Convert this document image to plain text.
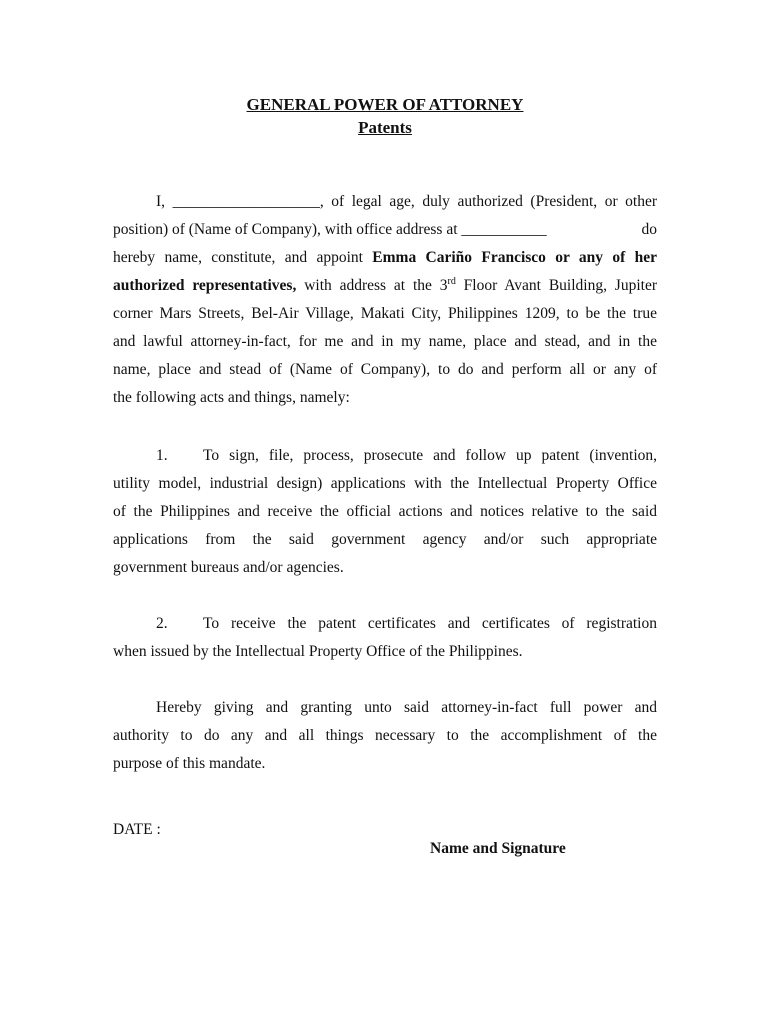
GENERAL POWER OF ATTORNEY
Patents
I, ___________________, of legal age, duly authorized (President, or other
position) of (Name of Company), with office address at ___________	do
hereby name, constitute, and appoint Emma Cariño Francisco or any of her
authorized representatives, with address at the 3rd Floor Avant Building, Jupiter
corner Mars Streets, Bel-Air Village, Makati City, Philippines 1209, to be the true
and lawful attorney-in-fact, for me and in my name, place and stead, and in the
name, place and stead of (Name of Company), to do and perform all or any of
the following acts and things, namely:
1. To sign, file, process, prosecute and follow up patent (invention,
utility model, industrial design) applications with the Intellectual Property Office
of the Philippines and receive the official actions and notices relative to the said
applications from the said government agency and/or such appropriate
government bureaus and/or agencies.
2. To receive the patent certificates and certificates of registration
when issued by the Intellectual Property Office of the Philippines.
Hereby giving and granting unto said attorney-in-fact full power and
authority to do any and all things necessary to the accomplishment of the
purpose of this mandate.
DATE :
Name and Signature
